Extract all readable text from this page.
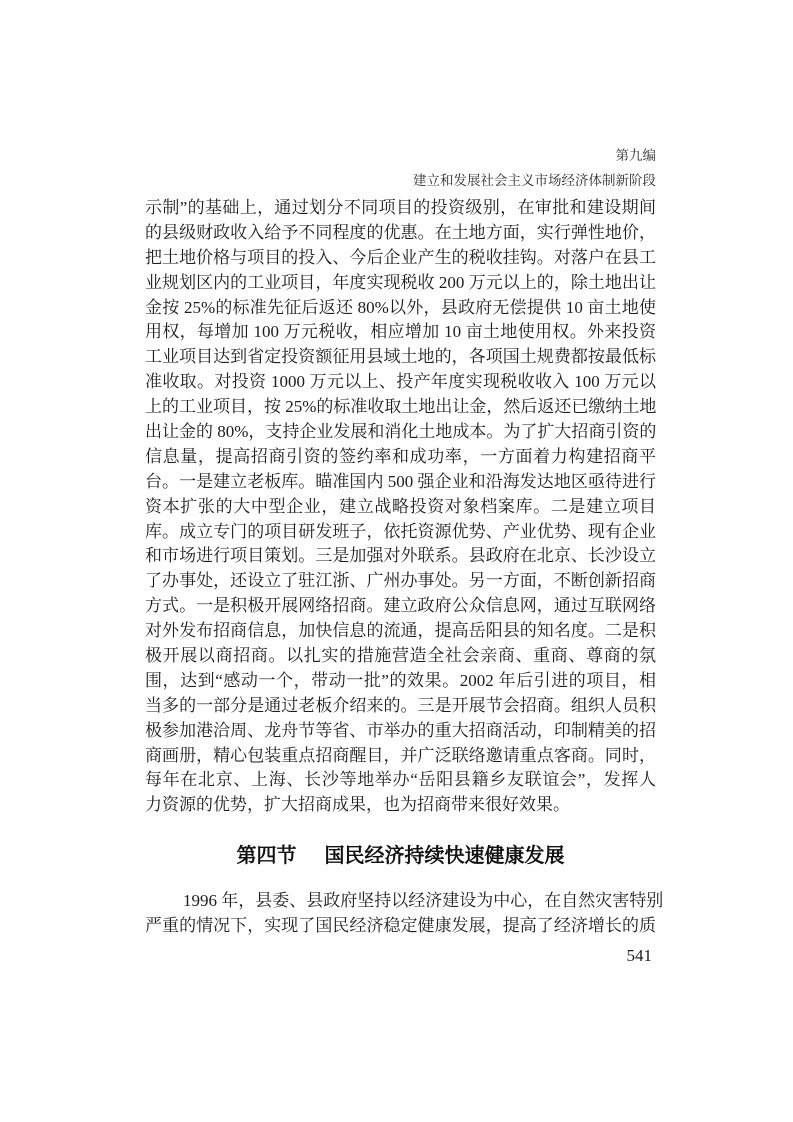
第九编
建立和发展社会主义市场经济体制新阶段
示制”的基础上，通过划分不同项目的投资级别，在审批和建设期间
的县级财政收入给予不同程度的优惠。在土地方面，实行弹性地价，
把土地价格与项目的投入、今后企业产生的税收挂钩。对落户在县工
业规划区内的工业项目，年度实现税收 200 万元以上的，除土地出让
金按 25%的标准先征后返还 80%以外，县政府无偿提供 10 亩土地使
用权，每增加 100 万元税收，相应增加 10 亩土地使用权。外来投资
工业项目达到省定投资额征用县域土地的，各项国土规费都按最低标
准收取。对投资 1000 万元以上、投产年度实现税收收入 100 万元以
上的工业项目，按 25%的标准收取土地出让金，然后返还已缴纳土地
出让金的 80%，支持企业发展和消化土地成本。为了扩大招商引资的
信息量，提高招商引资的签约率和成功率，一方面着力构建招商平
台。一是建立老板库。瞄准国内 500 强企业和沿海发达地区亟待进行
资本扩张的大中型企业，建立战略投资对象档案库。二是建立项目
库。成立专门的项目研发班子，依托资源优势、产业优势、现有企业
和市场进行项目策划。三是加强对外联系。县政府在北京、长沙设立
了办事处，还设立了驻江浙、广州办事处。另一方面，不断创新招商
方式。一是积极开展网络招商。建立政府公众信息网，通过互联网络
对外发布招商信息，加快信息的流通，提高岳阳县的知名度。二是积
极开展以商招商。以扎实的措施营造全社会亲商、重商、尊商的氛
围，达到“感动一个，带动一批”的效果。2002 年后引进的项目，相
当多的一部分是通过老板介绍来的。三是开展节会招商。组织人员积
极参加港洽周、龙舟节等省、市举办的重大招商活动，印制精美的招
商画册，精心包装重点招商醒目，并广泛联络邀请重点客商。同时，
每年在北京、上海、长沙等地举办“岳阳县籍乡友联谊会”，发挥人
力资源的优势，扩大招商成果，也为招商带来很好效果。
第四节 国民经济持续快速健康发展
1996 年，县委、县政府坚持以经济建设为中心，在自然灾害特别
严重的情况下，实现了国民经济稳定健康发展，提高了经济增长的质
541
